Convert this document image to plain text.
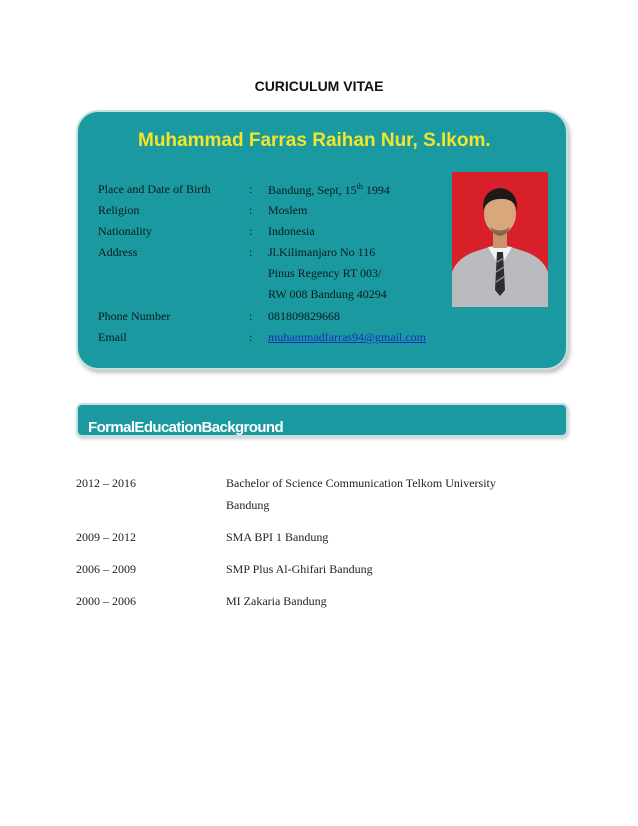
CURICULUM VITAE
Muhammad Farras Raihan Nur, S.Ikom.
Place and Date of Birth	: Bandung, Sept, 15th 1994
Religion	: Moslem
Nationality	: Indonesia
Address	: Jl.Kilimanjaro No 116
Pinus Regency RT 003/
RW 008 Bandung 40294
Phone Number	: 081809829668
Email	: muhammadfarras94@gmail.com
FormalEducationBackground
2012 – 2016	Bachelor of Science Communication Telkom University
Bandung
2009 – 2012	SMA BPI 1 Bandung
2006 – 2009	SMP Plus Al-Ghifari Bandung
2000 – 2006	MI Zakaria Bandung
